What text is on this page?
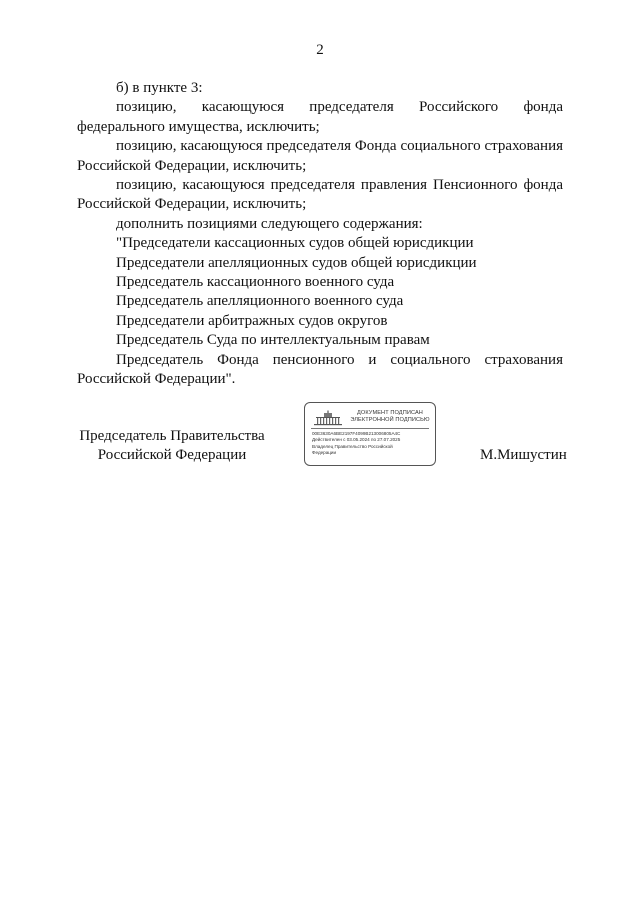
2

б) в пункте 3:

позицию, касающуюся председателя Российского фонда федерального имущества, исключить;

позицию, касающуюся председателя Фонда социального страхования Российской Федерации, исключить;

позицию, касающуюся председателя правления Пенсионного фонда Российской Федерации, исключить;

дополнить позициями следующего содержания:

"Председатели кассационных судов общей юрисдикции

Председатели апелляционных судов общей юрисдикции

Председатель кассационного военного суда

Председатель апелляционного военного суда

Председатели арбитражных судов округов

Председатель Суда по интеллектуальным правам

Председатель Фонда пенсионного и социального страхования Российской Федерации".

Председатель Правительства
Российской Федерации
ДОКУМЕНТ ПОДПИСАН
ЭЛЕКТРОННОЙ ПОДПИСЬЮ
00E3630A6BE2197F4099B213006805A4C
Действителен с 03.05.2024 по 27.07.2025
Владелец Правительство Российской
Федерации	М.Мишустин
